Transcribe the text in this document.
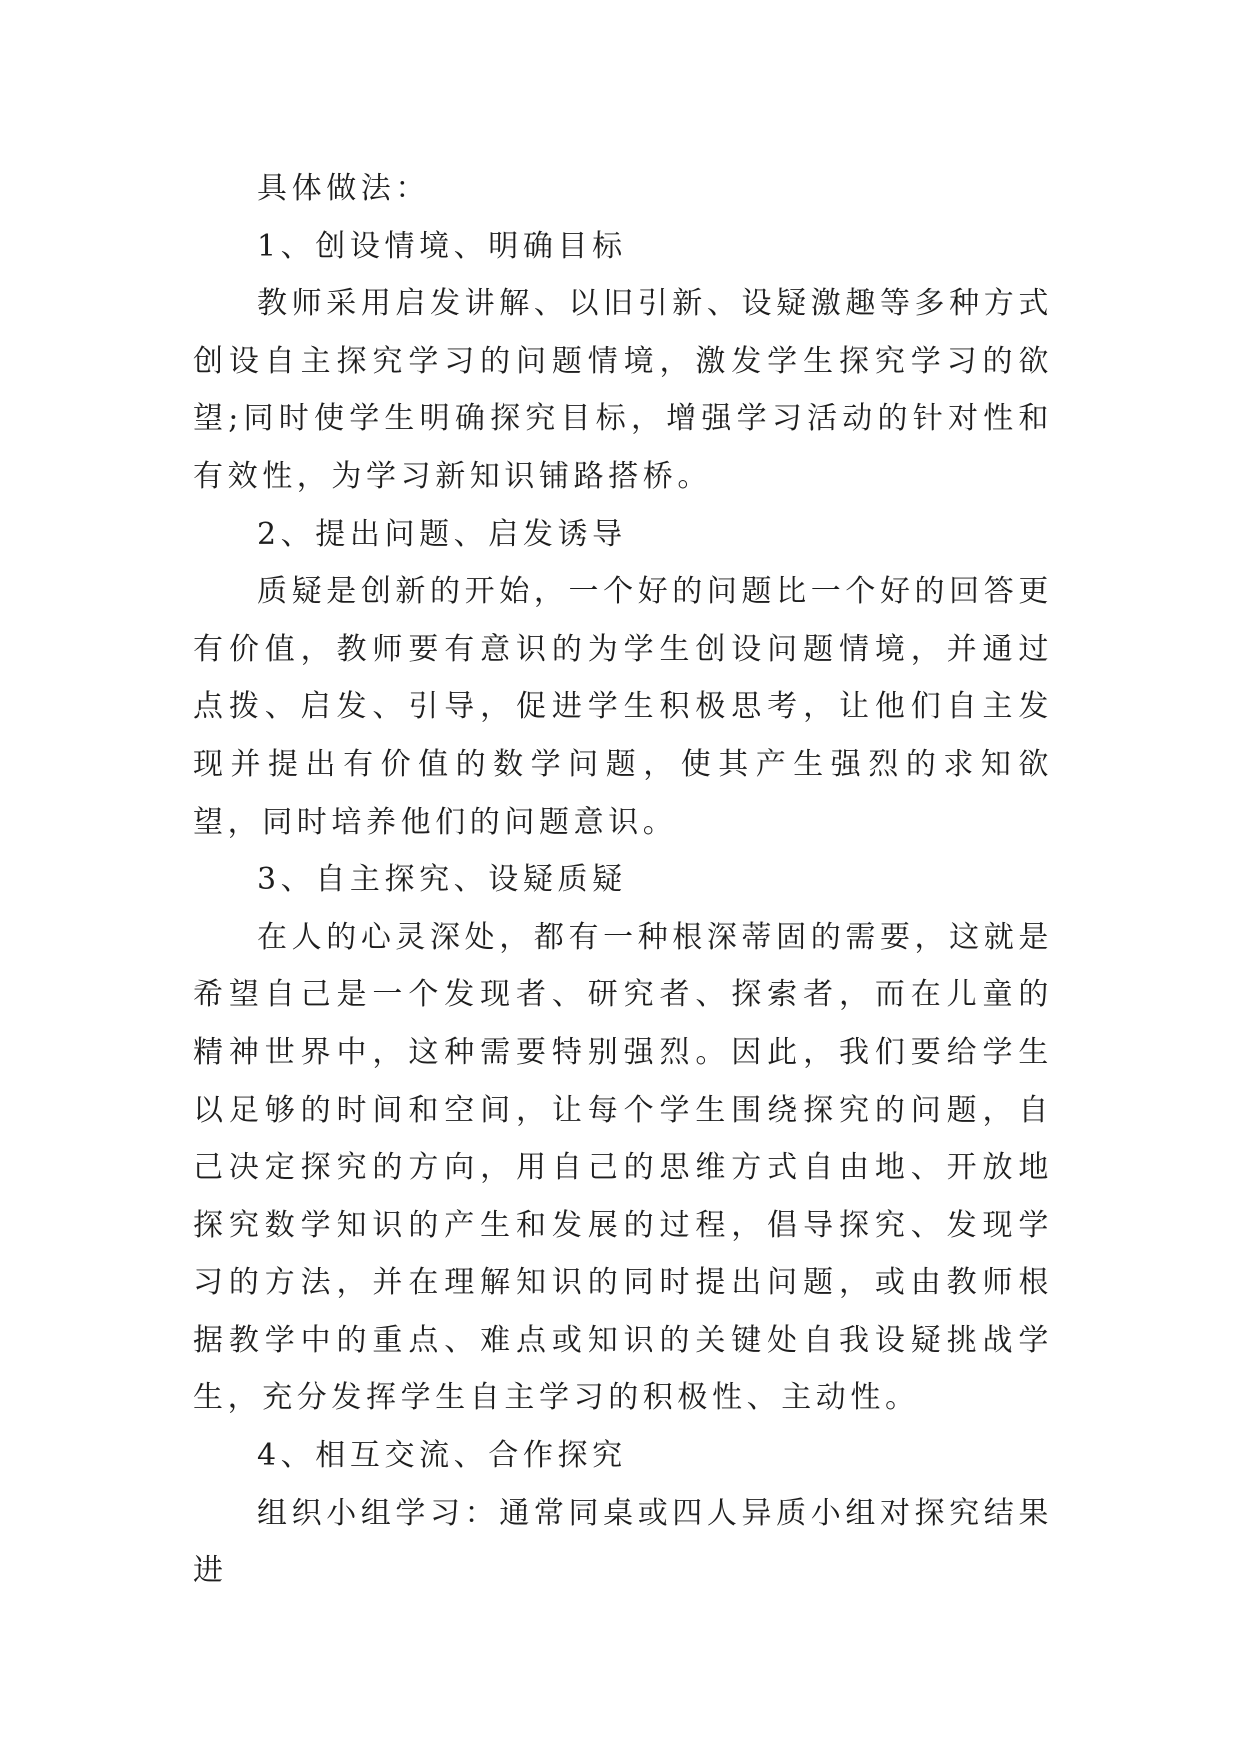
具体做法：

1、创设情境、明确目标

教师采用启发讲解、以旧引新、设疑激趣等多种方式创设自主探究学习的问题情境，激发学生探究学习的欲望;同时使学生明确探究目标，增强学习活动的针对性和有效性，为学习新知识铺路搭桥。

2、提出问题、启发诱导

质疑是创新的开始，一个好的问题比一个好的回答更有价值，教师要有意识的为学生创设问题情境，并通过点拨、启发、引导，促进学生积极思考，让他们自主发现并提出有价值的数学问题，使其产生强烈的求知欲望，同时培养他们的问题意识。

3、自主探究、设疑质疑

在人的心灵深处，都有一种根深蒂固的需要，这就是希望自己是一个发现者、研究者、探索者，而在儿童的精神世界中，这种需要特别强烈。因此，我们要给学生以足够的时间和空间，让每个学生围绕探究的问题，自己决定探究的方向，用自己的思维方式自由地、开放地探究数学知识的产生和发展的过程，倡导探究、发现学习的方法，并在理解知识的同时提出问题，或由教师根据教学中的重点、难点或知识的关键处自我设疑挑战学生，充分发挥学生自主学习的积极性、主动性。

4、相互交流、合作探究

组织小组学习：通常同桌或四人异质小组对探究结果进
